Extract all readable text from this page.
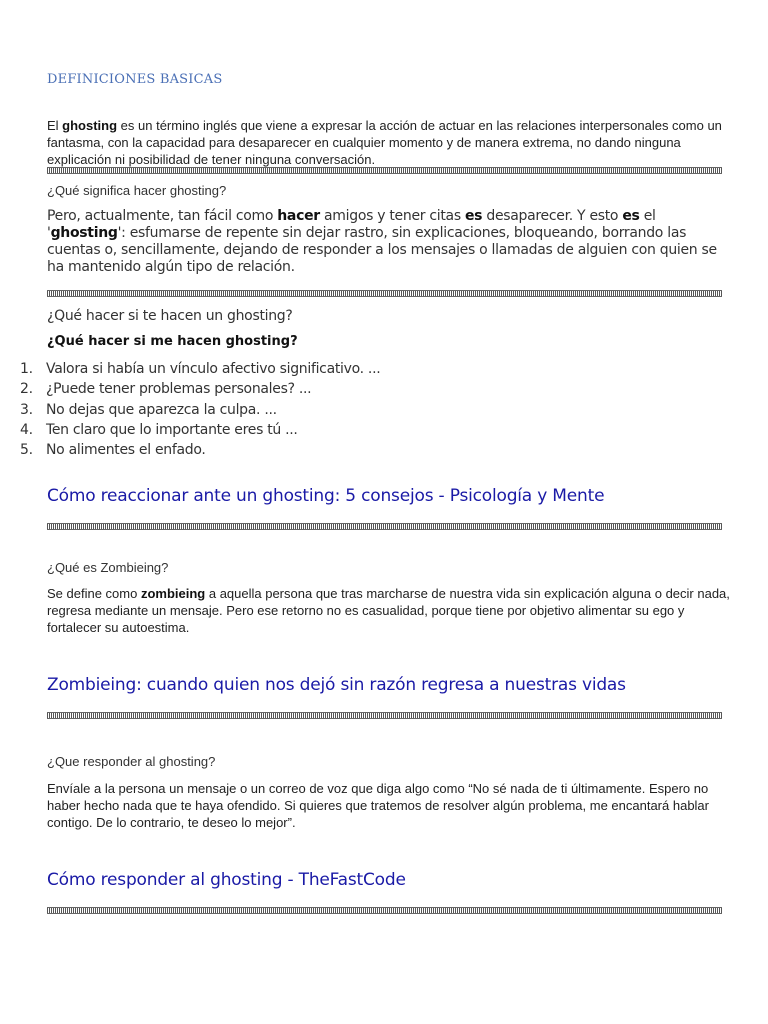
DEFINICIONES BASICAS
El ghosting es un término inglés que viene a expresar la acción de actuar en las relaciones interpersonales como un fantasma, con la capacidad para desaparecer en cualquier momento y de manera extrema, no dando ninguna explicación ni posibilidad de tener ninguna conversación.
¿Qué significa hacer ghosting?
Pero, actualmente, tan fácil como hacer amigos y tener citas es desaparecer. Y esto es el 'ghosting': esfumarse de repente sin dejar rastro, sin explicaciones, bloqueando, borrando las cuentas o, sencillamente, dejando de responder a los mensajes o llamadas de alguien con quien se ha mantenido algún tipo de relación.
¿Qué hacer si te hacen un ghosting?
¿Qué hacer si me hacen ghosting?
1. Valora si había un vínculo afectivo significativo. ...
2. ¿Puede tener problemas personales? ...
3. No dejas que aparezca la culpa. ...
4. Ten claro que lo importante eres tú ...
5. No alimentes el enfado.
Cómo reaccionar ante un ghosting: 5 consejos - Psicología y Mente
¿Qué es Zombieing?
Se define como zombieing a aquella persona que tras marcharse de nuestra vida sin explicación alguna o decir nada, regresa mediante un mensaje. Pero ese retorno no es casualidad, porque tiene por objetivo alimentar su ego y fortalecer su autoestima.
Zombieing: cuando quien nos dejó sin razón regresa a nuestras vidas
¿Que responder al ghosting?
Envíale a la persona un mensaje o un correo de voz que diga algo como “No sé nada de ti últimamente. Espero no haber hecho nada que te haya ofendido. Si quieres que tratemos de resolver algún problema, me encantará hablar contigo. De lo contrario, te deseo lo mejor”.
Cómo responder al ghosting - TheFastCode
